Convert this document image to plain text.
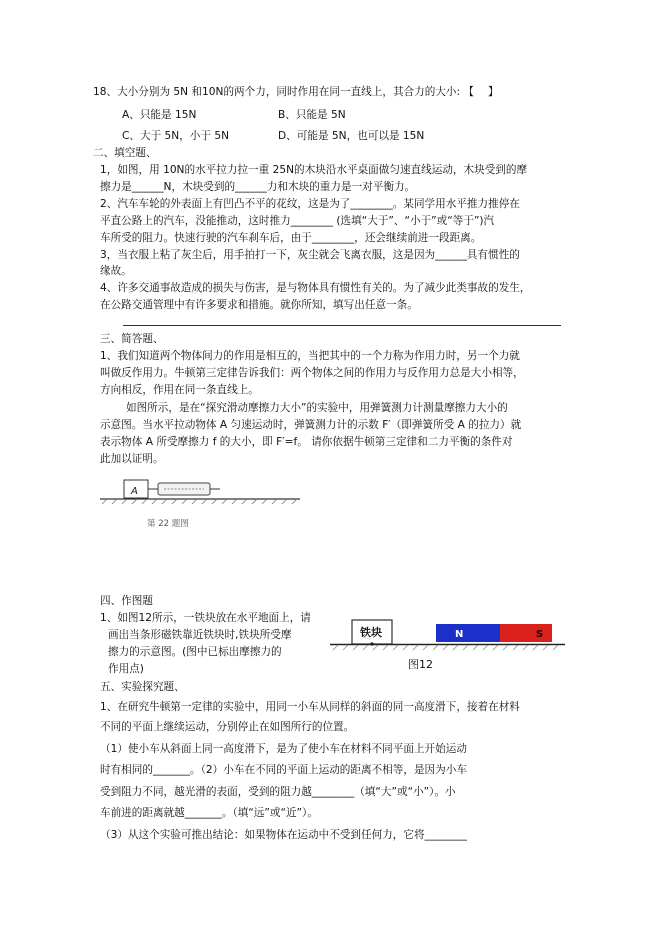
18、大小分别为 5N 和10N的两个力，同时作用在同一直线上，其合力的大小: 【　 】
A、只能是 15N	B、只能是 5N
C、大于 5N，小于 5N	D、可能是 5N，也可以是 15N
二、填空题、
1，如图，用 10N的水平拉力拉一重 25N的木块沿水平桌面做匀速直线运动，木块受到的摩
擦力是______N，木块受到的______力和木块的重力是一对平衡力。
2、汽车车轮的外表面上有凹凸不平的花纹，这是为了________。某同学用水平推力推停在
平直公路上的汽车，没能推动，这时推力________ (选填“大于”、“小于”或“等于”)汽
车所受的阻力。快速行驶的汽车刹车后，由于________，还会继续前进一段距离。
3，当衣服上粘了灰尘后，用手拍打一下，灰尘就会飞离衣服，这是因为______具有惯性的
缘故。
4、许多交通事故造成的损失与伤害，是与物体具有惯性有关的。为了减少此类事故的发生，
在公路交通管理中有许多要求和措施。就你所知，填写出任意一条。
三、简答题、
1、我们知道两个物体间力的作用是相互的，当把其中的一个力称为作用力时，另一个力就
叫做反作用力。牛顿第三定律告诉我们：两个物体之间的作用力与反作用力总是大小相等，
方向相反，作用在同一条直线上。
如图所示，是在“探究滑动摩擦力大小”的实验中，用弹簧测力计测量摩擦力大小的
示意图。当水平拉动物体 A 匀速运动时，弹簧测力计的示数 F′（即弹簧所受 A 的拉力）就
表示物体 A 所受摩擦力 f 的大小，即 F′=f。 请你依据牛顿第三定律和二力平衡的条件对
此加以证明。
A
第 22 题图
四、作图题
1、如图12所示，一铁块放在水平地面上，请
画出当条形磁铁靠近铁块时,铁块所受摩
擦力的示意图。(图中已标出摩擦力的
作用点)
铁块	N	S
图12
五、实验探究题、
1、在研究牛顿第一定律的实验中，用同一小车从同样的斜面的同一高度滑下，接着在材料
不同的平面上继续运动，分别停止在如图所行的位置。
（1）使小车从斜面上同一高度滑下，是为了使小车在材料不同平面上开始运动
时有相同的_______。（2）小车在不同的平面上运动的距离不相等，是因为小车
受到阻力不同，越光滑的表面，受到的阻力越________（填“大”或“小”）。小
车前进的距离就越_______。（填“远”或“近”）。
（3）从这个实验可推出结论：如果物体在运动中不受到任何力，它将________
